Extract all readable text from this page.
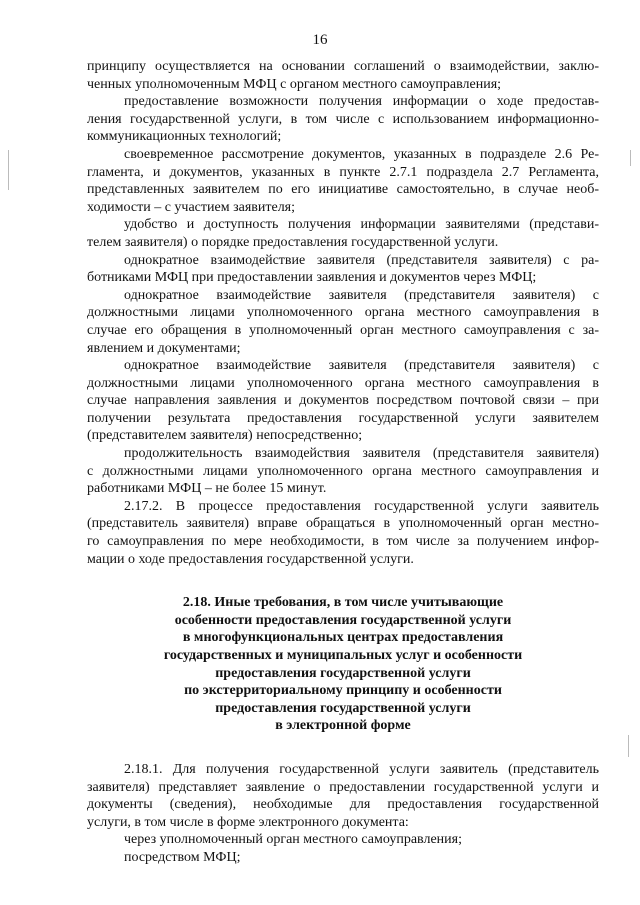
16
принципу осуществляется на основании соглашений о взаимодействии, заклю-
ченных уполномоченным МФЦ с органом местного самоуправления;
предоставление возможности получения информации о ходе предостав-
ления государственной услуги, в том числе с использованием информационно-
коммуникационных технологий;
своевременное рассмотрение документов, указанных в подразделе 2.6 Ре-
гламента, и документов, указанных в пункте 2.7.1 подраздела 2.7 Регламента,
представленных заявителем по его инициативе самостоятельно, в случае необ-
ходимости – с участием заявителя;
удобство и доступность получения информации заявителями (представи-
телем заявителя) о порядке предоставления государственной услуги.
однократное взаимодействие заявителя (представителя заявителя) с ра-
ботниками МФЦ при предоставлении заявления и документов через МФЦ;
однократное взаимодействие заявителя (представителя заявителя) с
должностными лицами уполномоченного органа местного самоуправления в
случае его обращения в уполномоченный орган местного самоуправления с за-
явлением и документами;
однократное взаимодействие заявителя (представителя заявителя) с
должностными лицами уполномоченного органа местного самоуправления в
случае направления заявления и документов посредством почтовой связи – при
получении результата предоставления государственной услуги заявителем
(представителем заявителя) непосредственно;
продолжительность взаимодействия заявителя (представителя заявителя)
с должностными лицами уполномоченного органа местного самоуправления и
работниками МФЦ – не более 15 минут.
2.17.2. В процессе предоставления государственной услуги заявитель
(представитель заявителя) вправе обращаться в уполномоченный орган местно-
го самоуправления по мере необходимости, в том числе за получением инфор-
мации о ходе предоставления государственной услуги.
2.18. Иные требования, в том числе учитывающие
особенности предоставления государственной услуги
в многофункциональных центрах предоставления
государственных и муниципальных услуг и особенности
предоставления государственной услуги
по экстерриториальному принципу и особенности
предоставления государственной услуги
в электронной форме
2.18.1. Для получения государственной услуги заявитель (представитель
заявителя) представляет заявление о предоставлении государственной услуги и
документы (сведения), необходимые для предоставления государственной
услуги, в том числе в форме электронного документа:
через уполномоченный орган местного самоуправления;
посредством МФЦ;
